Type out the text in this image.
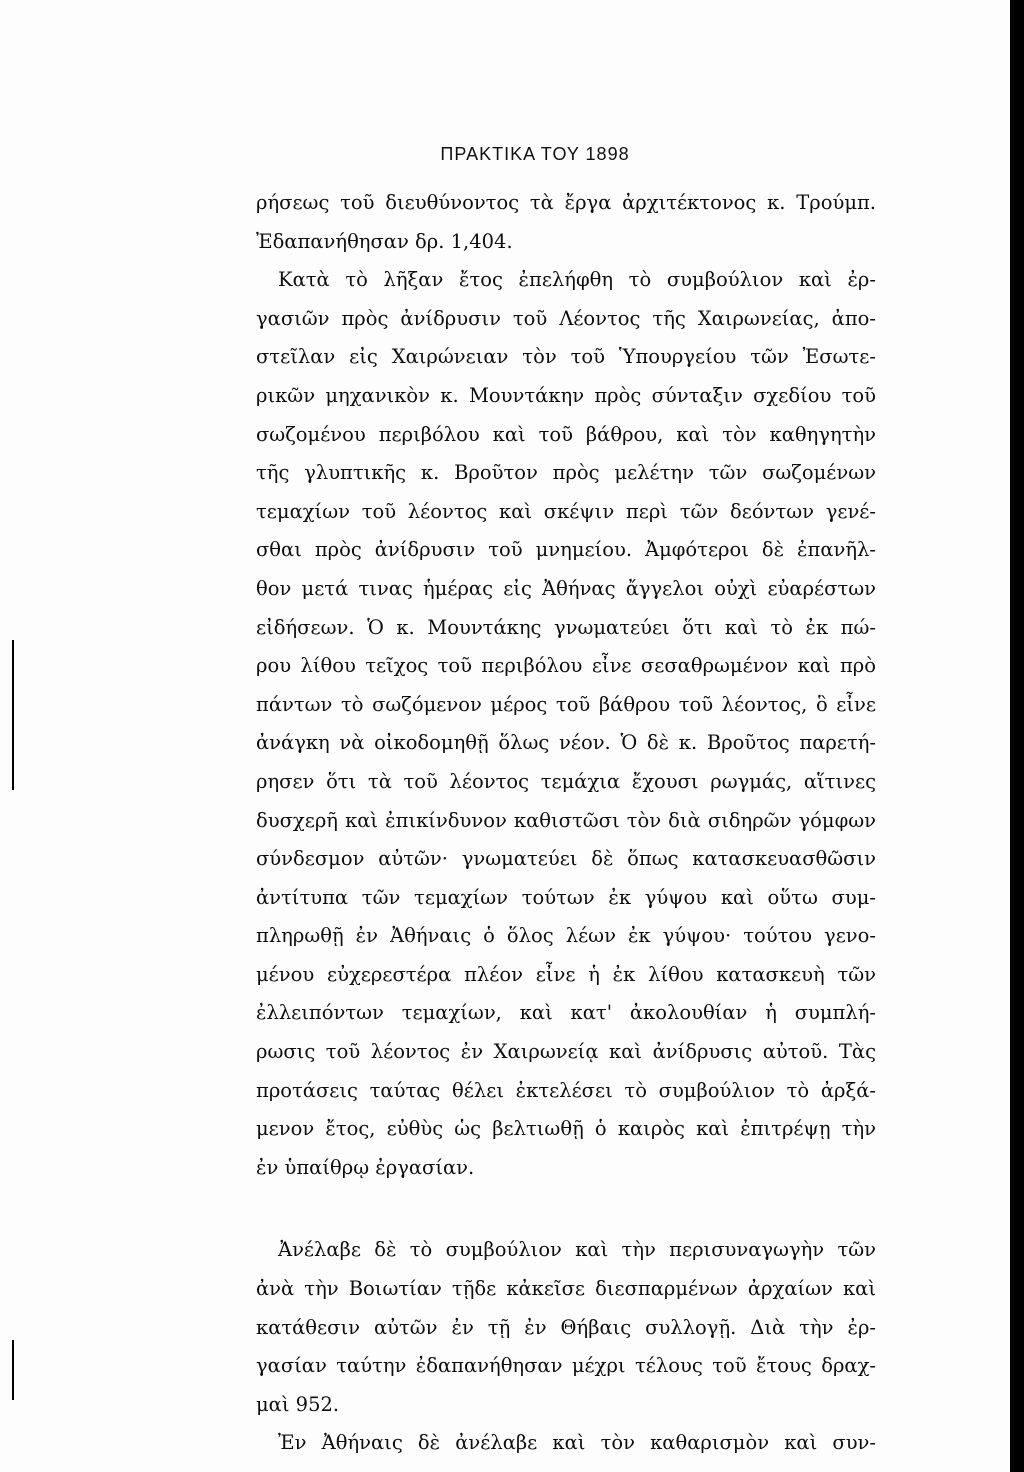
ΠΡΑΚΤΙΚΑ ΤΟΥ 1898
ρήσεως τοῦ διευθύνοντος τὰ ἔργα ἀρχιτέκτονος κ. Τρούμπ.
Ἐδαπανήθησαν δρ. 1,404.
Κατὰ τὸ λῆξαν ἔτος ἐπελήφθη τὸ συμβούλιον καὶ ἐρ-
γασιῶν πρὸς ἀνίδρυσιν τοῦ Λέοντος τῆς Χαιρωνείας, ἀπο-
στεῖλαν εἰς Χαιρώνειαν τὸν τοῦ Ὑπουργείου τῶν Ἐσωτε-
ρικῶν μηχανικὸν κ. Μουντάκην πρὸς σύνταξιν σχεδίου τοῦ
σωζομένου περιβόλου καὶ τοῦ βάθρου, καὶ τὸν καθηγητὴν
τῆς γλυπτικῆς κ. Βροῦτον πρὸς μελέτην τῶν σωζομένων
τεμαχίων τοῦ λέοντος καὶ σκέψιν περὶ τῶν δεόντων γενέ-
σθαι πρὸς ἀνίδρυσιν τοῦ μνημείου. Ἀμφότεροι δὲ ἐπανῆλ-
θον μετά τινας ἡμέρας εἰς Ἀθήνας ἄγγελοι οὐχὶ εὐαρέστων
εἰδήσεων. Ὁ κ. Μουντάκης γνωματεύει ὅτι καὶ τὸ ἐκ πώ-
ρου λίθου τεῖχος τοῦ περιβόλου εἶνε σεσαθρωμένον καὶ πρὸ
πάντων τὸ σωζόμενον μέρος τοῦ βάθρου τοῦ λέοντος, ὃ εἶνε
ἀνάγκη νὰ οἰκοδομηθῇ ὅλως νέον. Ὁ δὲ κ. Βροῦτος παρετή-
ρησεν ὅτι τὰ τοῦ λέοντος τεμάχια ἔχουσι ρωγμάς, αἵτινες
δυσχερῆ καὶ ἐπικίνδυνον καθιστῶσι τὸν διὰ σιδηρῶν γόμφων
σύνδεσμον αὐτῶν· γνωματεύει δὲ ὅπως κατασκευασθῶσιν
ἀντίτυπα τῶν τεμαχίων τούτων ἐκ γύψου καὶ οὕτω συμ-
πληρωθῇ ἐν Ἀθήναις ὁ ὅλος λέων ἐκ γύψου· τούτου γενο-
μένου εὐχερεστέρα πλέον εἶνε ἡ ἐκ λίθου κατασκευὴ τῶν
ἐλλειπόντων τεμαχίων, καὶ κατ' ἀκολουθίαν ἡ συμπλή-
ρωσις τοῦ λέοντος ἐν Χαιρωνείᾳ καὶ ἀνίδρυσις αὐτοῦ. Τὰς
προτάσεις ταύτας θέλει ἐκτελέσει τὸ συμβούλιον τὸ ἀρξά-
μενον ἔτος, εὐθὺς ὡς βελτιωθῇ ὁ καιρὸς καὶ ἐπιτρέψῃ τὴν
ἐν ὑπαίθρῳ ἐργασίαν.
Ἀνέλαβε δὲ τὸ συμβούλιον καὶ τὴν περισυναγωγὴν τῶν
ἀνὰ τὴν Βοιωτίαν τῇδε κἀκεῖσε διεσπαρμένων ἀρχαίων καὶ
κατάθεσιν αὐτῶν ἐν τῇ ἐν Θήβαις συλλογῇ. Διὰ τὴν ἐρ-
γασίαν ταύτην ἐδαπανήθησαν μέχρι τέλους τοῦ ἔτους δραχ-
μαὶ 952.
Ἐν Ἀθήναις δὲ ἀνέλαβε καὶ τὸν καθαρισμὸν καὶ συν-
